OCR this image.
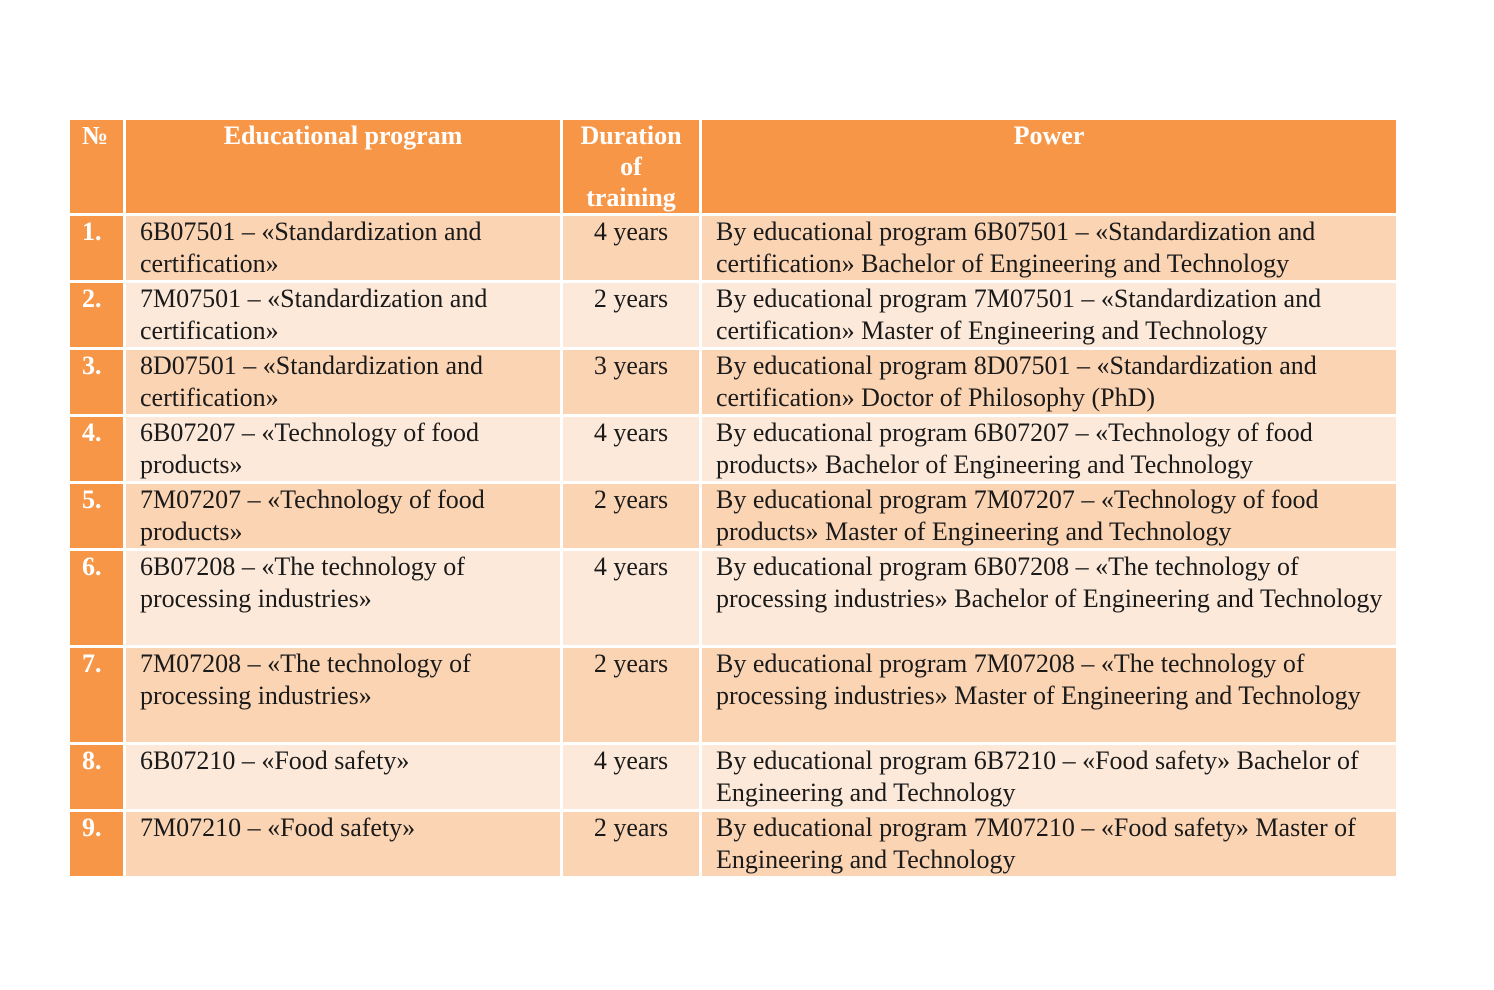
№	Educational program	Duration of training	Power
1.	6B07501 – «Standardization and certification»	4 years	By educational program 6B07501 – «Standardization and certification» Bachelor of Engineering and Technology
2.	7M07501 – «Standardization and certification»	2 years	By educational program 7M07501 – «Standardization and certification» Master of Engineering and Technology
3.	8D07501 – «Standardization and certification»	3 years	By educational program 8D07501 – «Standardization and certification» Doctor of Philosophy (PhD)
4.	6B07207 – «Technology of food products»	4 years	By educational program 6B07207 – «Technology of food products» Bachelor of Engineering and Technology
5.	7M07207 – «Technology of food products»	2 years	By educational program 7M07207 – «Technology of food products» Master of Engineering and Technology
6.	6B07208 – «The technology of processing industries»	4 years	By educational program 6B07208 – «The technology of processing industries» Bachelor of Engineering and Technology
7.	7M07208 – «The technology of processing industries»	2 years	By educational program 7M07208 – «The technology of processing industries» Master of Engineering and Technology
8.	6B07210 – «Food safety»	4 years	By educational program 6B7210 – «Food safety» Bachelor of Engineering and Technology
9.	7M07210 – «Food safety»	2 years	By educational program 7M07210 – «Food safety» Master of Engineering and Technology
